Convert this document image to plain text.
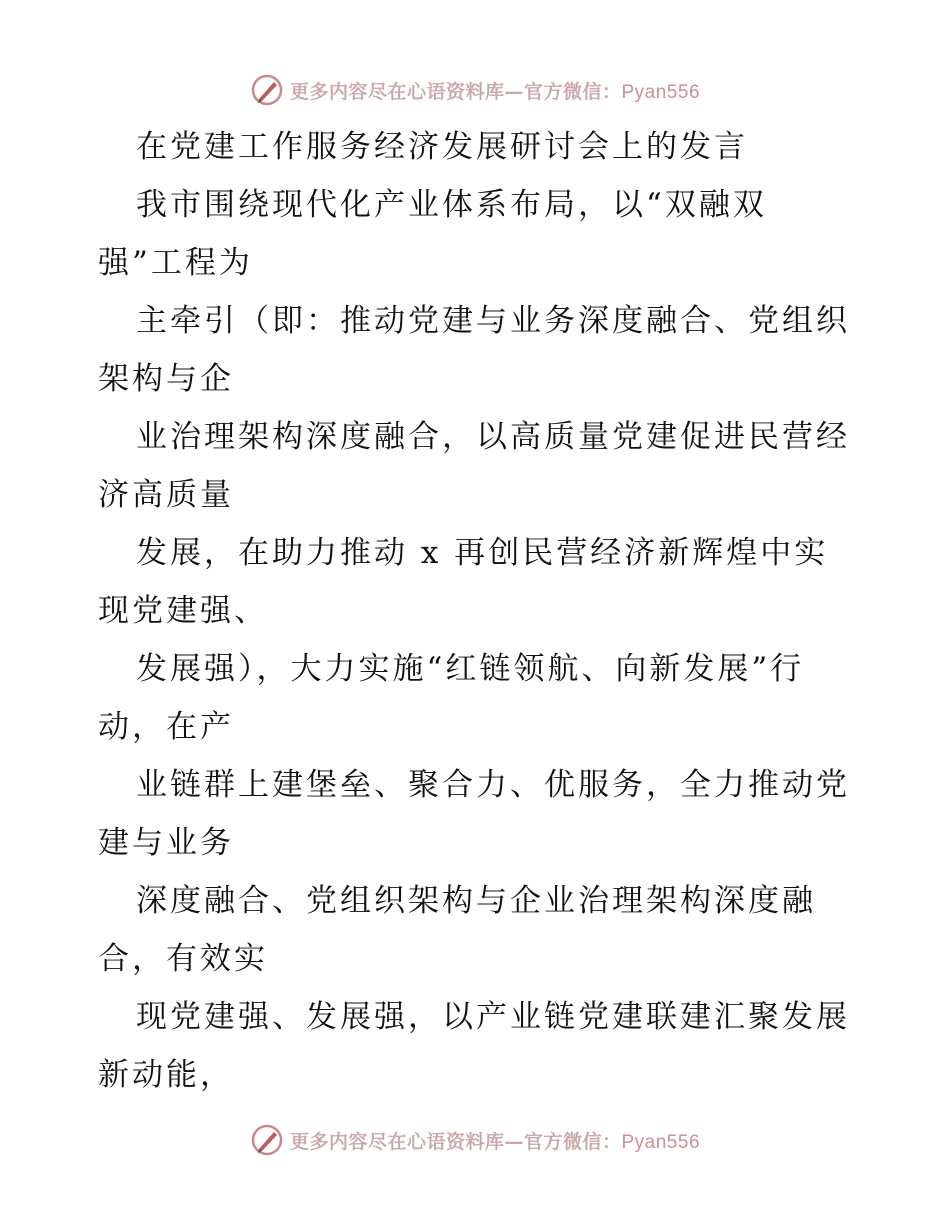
更多内容尽在心语资料库—官方微信：Pyan556
在党建工作服务经济发展研讨会上的发言
我市围绕现代化产业体系布局，以“双融双
强”工程为
主牵引（即：推动党建与业务深度融合、党组织
架构与企
业治理架构深度融合，以高质量党建促进民营经
济高质量
发展，在助力推动 x 再创民营经济新辉煌中实
现党建强、
发展强），大力实施“红链领航、向新发展”行
动，在产
业链群上建堡垒、聚合力、优服务，全力推动党
建与业务
深度融合、党组织架构与企业治理架构深度融
合，有效实
现党建强、发展强，以产业链党建联建汇聚发展
新动能，
更多内容尽在心语资料库—官方微信：Pyan556
